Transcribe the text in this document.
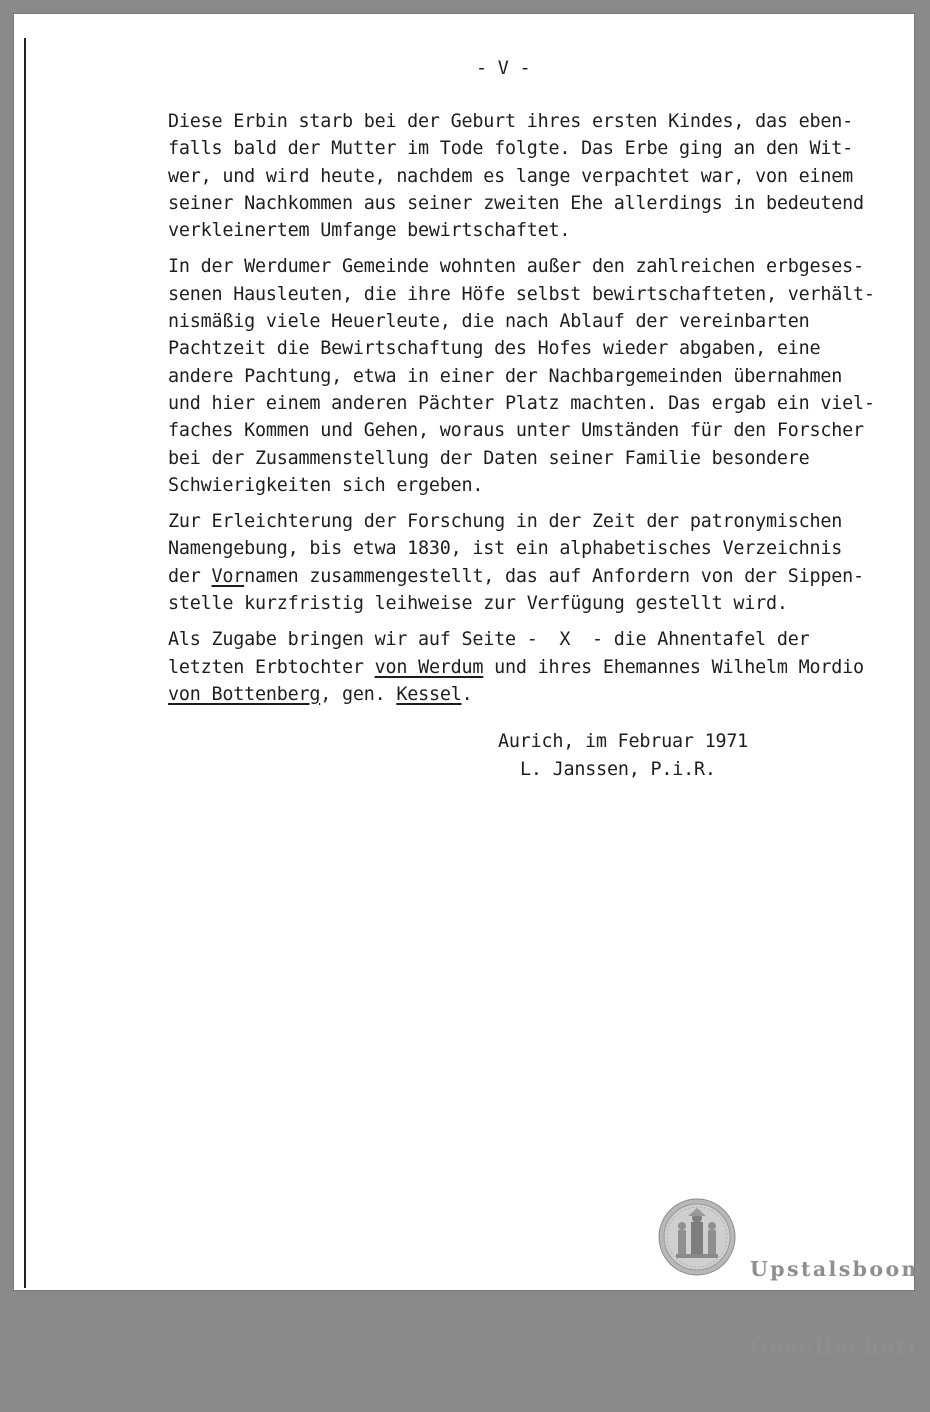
- V -
Diese Erbin starb bei der Geburt ihres ersten Kindes, das eben-
falls bald der Mutter im Tode folgte. Das Erbe ging an den Wit-
wer, und wird heute, nachdem es lange verpachtet war, von einem
seiner Nachkommen aus seiner zweiten Ehe allerdings in bedeutend
verkleinertem Umfange bewirtschaftet.
In der Werdumer Gemeinde wohnten außer den zahlreichen erbgeses-
senen Hausleuten, die ihre Höfe selbst bewirtschafteten, verhält-
nismäßig viele Heuerleute, die nach Ablauf der vereinbarten
Pachtzeit die Bewirtschaftung des Hofes wieder abgaben, eine
andere Pachtung, etwa in einer der Nachbargemeinden übernahmen
und hier einem anderen Pächter Platz machten. Das ergab ein viel-
faches Kommen und Gehen, woraus unter Umständen für den Forscher
bei der Zusammenstellung der Daten seiner Familie besondere
Schwierigkeiten sich ergeben.
Zur Erleichterung der Forschung in der Zeit der patronymischen
Namengebung, bis etwa 1830, ist ein alphabetisches Verzeichnis
der Vornamen zusammengestellt, das auf Anfordern von der Sippen-
stelle kurzfristig leihweise zur Verfügung gestellt wird.
Als Zugabe bringen wir auf Seite -  X  - die Ahnentafel der
letzten Erbtochter von Werdum und ihres Ehemannes Wilhelm Mordio
von Bottenberg, gen. Kessel.
Aurich, im Februar 1971
L. Janssen, P.i.R.

Upstalsboom

Gesellschaft
